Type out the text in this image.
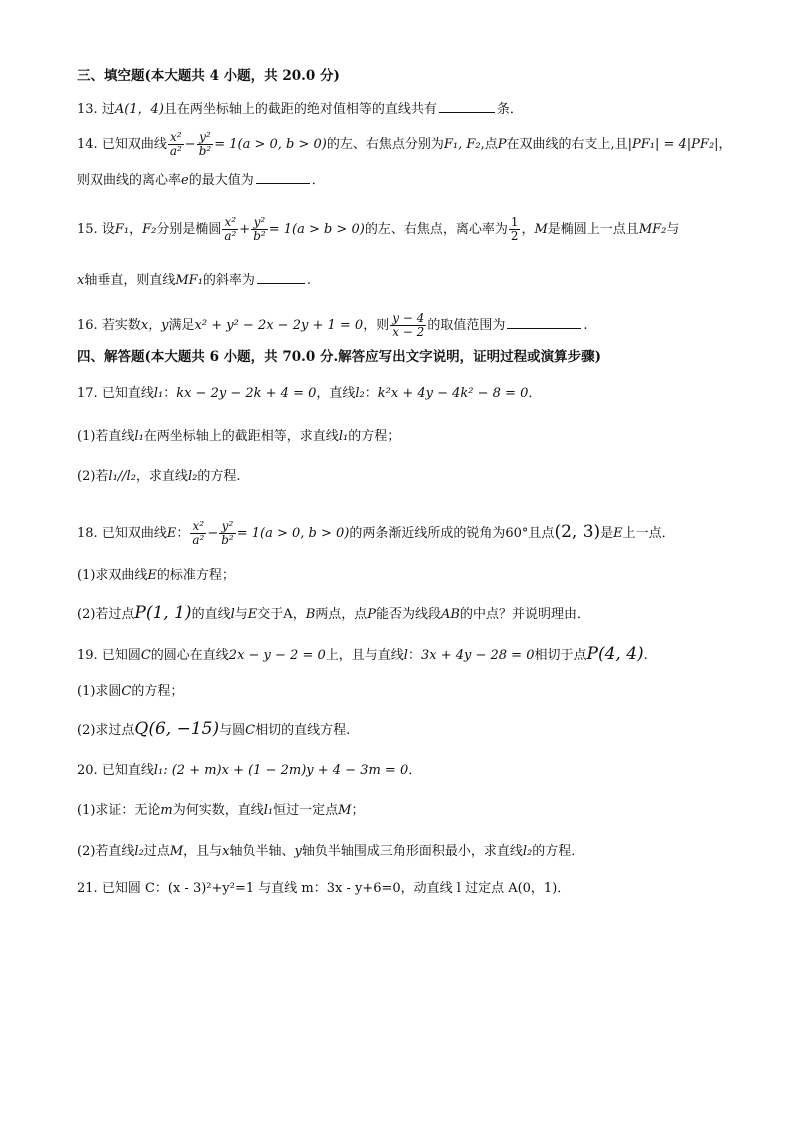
三、填空题(本大题共 4 小题，共 20.0 分)
13. 过A(1，4)且在两坐标轴上的截距的绝对值相等的直线共有	条．
14. 已知双曲线 $\frac{\text{x²}}{\text{a²}} - \frac{\text{y²}}{\text{b²}} = 1(a > 0$, b > 0)的左、右焦点分别为F₁, F₂,点P在双曲线的右支上,且|PF₁| = 4|PF₂|，
则双曲线的离心率e的最大值为	．
15. 设F₁，F₂分别是椭圆 $\frac{\text{x²}}{\text{a²}} + \frac{\text{y²}}{\text{b²}} = 1(a > b > 0)$的左、右焦点，离心率为 $\frac{1}{2}$ ，M是椭圆上一点且MF₂与
x轴垂直，则直线MF₁的斜率为	.
16. 若实数x，y满足x² + y² − 2x − 2y + 1 = 0，则 $\frac{y - 4}{x - 2}$ 的取值范围为	.
四、解答题(本大题共 6 小题，共 70.0 分.解答应写出文字说明，证明过程或演算步骤)
17. 已知直线l₁：kx − 2y − 2k + 4 = 0，直线l₂：k²x + 4y − 4k² − 8 = 0．
(1)若直线l₁在两坐标轴上的截距相等，求直线l₁的方程；
(2)若l₁//l₂，求直线l₂的方程.
18. 已知双曲线E： $\frac{\text{x²}}{\text{a²}} - \frac{\text{y²}}{\text{b²}} = 1(a > 0$, b > 0)的两条渐近线所成的锐角为60°且点(2, 3)是E上一点．
(1)求双曲线E的标准方程；
(2)若过点P(1, 1)的直线l与E交于A，B两点，点P能否为线段AB的中点？并说明理由．
19. 已知圆C的圆心在直线2x − y − 2 = 0上，且与直线l：3x + 4y − 28 = 0相切于点P(4, 4).
(1)求圆C的方程；
(2)求过点Q(6, −15)与圆C相切的直线方程.
20. 已知直线l₁: (2 + m)x + (1 − 2m)y + 4 − 3m = 0．
(1)求证：无论m为何实数，直线l₁恒过一定点M；
(2)若直线l₂过点M，且与x轴负半轴、y轴负半轴围成三角形面积最小，求直线l₂的方程．
21. 已知圆 C：(x - 3)²+y²=1 与直线 m：3x - y+6=0，动直线 l 过定点 A(0，1)．
